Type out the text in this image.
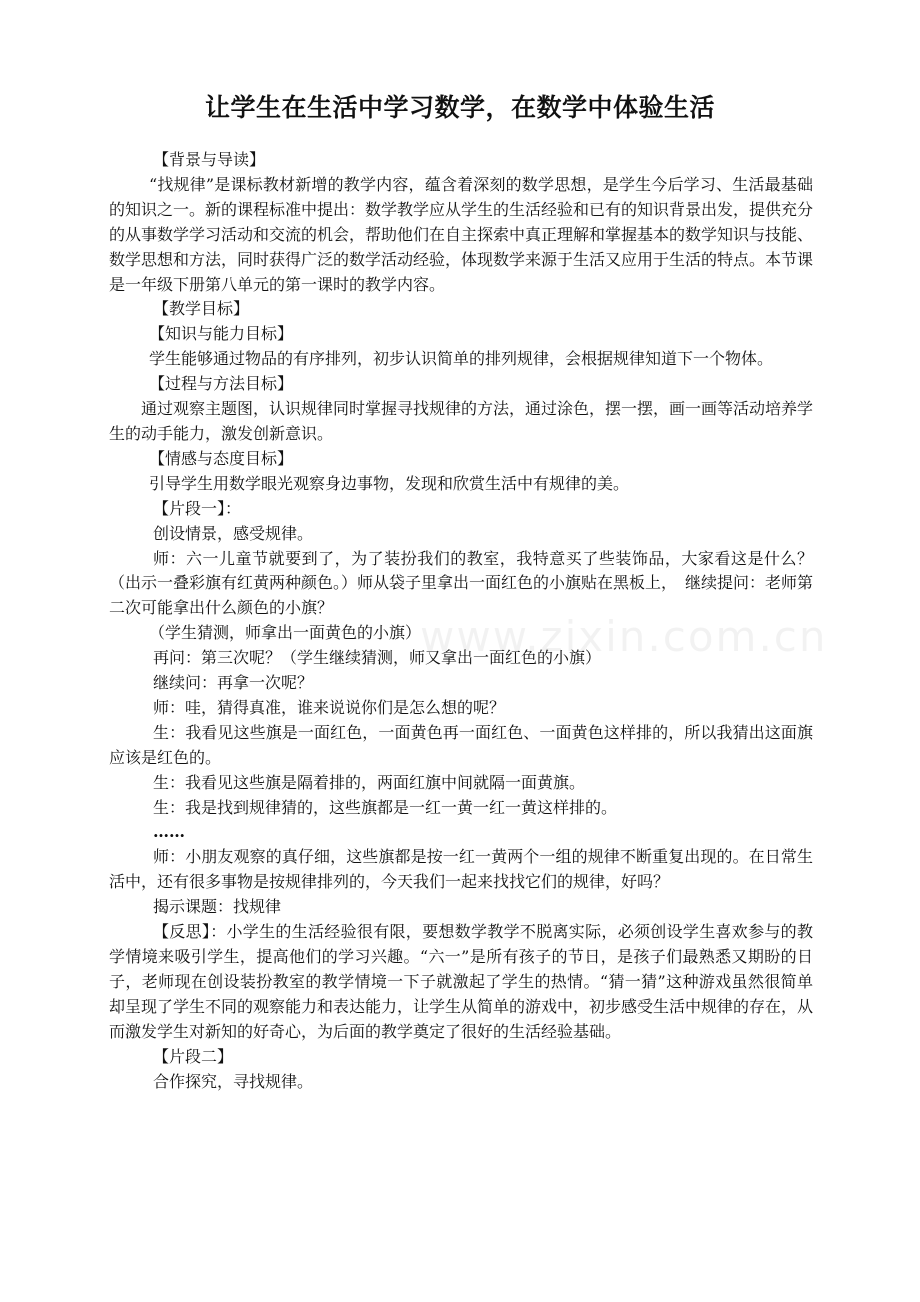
让学生在生活中学习数学，在数学中体验生活
www.zixin.com.cn

【背景与导读】

“找规律”是课标教材新增的教学内容，蕴含着深刻的数学思想，是学生今后学习、生活最基础的知识之一。新的课程标准中提出：数学教学应从学生的生活经验和已有的知识背景出发，提供充分的从事数学学习活动和交流的机会，帮助他们在自主探索中真正理解和掌握基本的数学知识与技能、数学思想和方法，同时获得广泛的数学活动经验，体现数学来源于生活又应用于生活的特点。本节课是一年级下册第八单元的第一课时的教学内容。

【教学目标】

【知识与能力目标】

学生能够通过物品的有序排列，初步认识简单的排列规律，会根据规律知道下一个物体。

【过程与方法目标】

通过观察主题图，认识规律同时掌握寻找规律的方法，通过涂色，摆一摆，画一画等活动培养学生的动手能力，激发创新意识。

【情感与态度目标】

引导学生用数学眼光观察身边事物，发现和欣赏生活中有规律的美。

【片段一】：

创设情景，感受规律。

师：六一儿童节就要到了，为了装扮我们的教室，我特意买了些装饰品，大家看这是什么？（出示一叠彩旗有红黄两种颜色。）师从袋子里拿出一面红色的小旗贴在黑板上，　继续提问：老师第二次可能拿出什么颜色的小旗？

（学生猜测，师拿出一面黄色的小旗）

再问：第三次呢？（学生继续猜测，师又拿出一面红色的小旗）

继续问：再拿一次呢？

师：哇，猜得真准，谁来说说你们是怎么想的呢？

生：我看见这些旗是一面红色，一面黄色再一面红色、一面黄色这样排的，所以我猜出这面旗应该是红色的。

生：我看见这些旗是隔着排的，两面红旗中间就隔一面黄旗。

生：我是找到规律猜的，这些旗都是一红一黄一红一黄这样排的。

……

师：小朋友观察的真仔细，这些旗都是按一红一黄两个一组的规律不断重复出现的。在日常生活中，还有很多事物是按规律排列的，今天我们一起来找找它们的规律，好吗？

揭示课题：找规律

【反思】：小学生的生活经验很有限，要想数学教学不脱离实际，必须创设学生喜欢参与的教学情境来吸引学生，提高他们的学习兴趣。“六一”是所有孩子的节日，是孩子们最熟悉又期盼的日子，老师现在创设装扮教室的教学情境一下子就激起了学生的热情。“猜一猜”这种游戏虽然很简单却呈现了学生不同的观察能力和表达能力，让学生从简单的游戏中，初步感受生活中规律的存在，从而激发学生对新知的好奇心，为后面的教学奠定了很好的生活经验基础。

【片段二】

合作探究，寻找规律。
